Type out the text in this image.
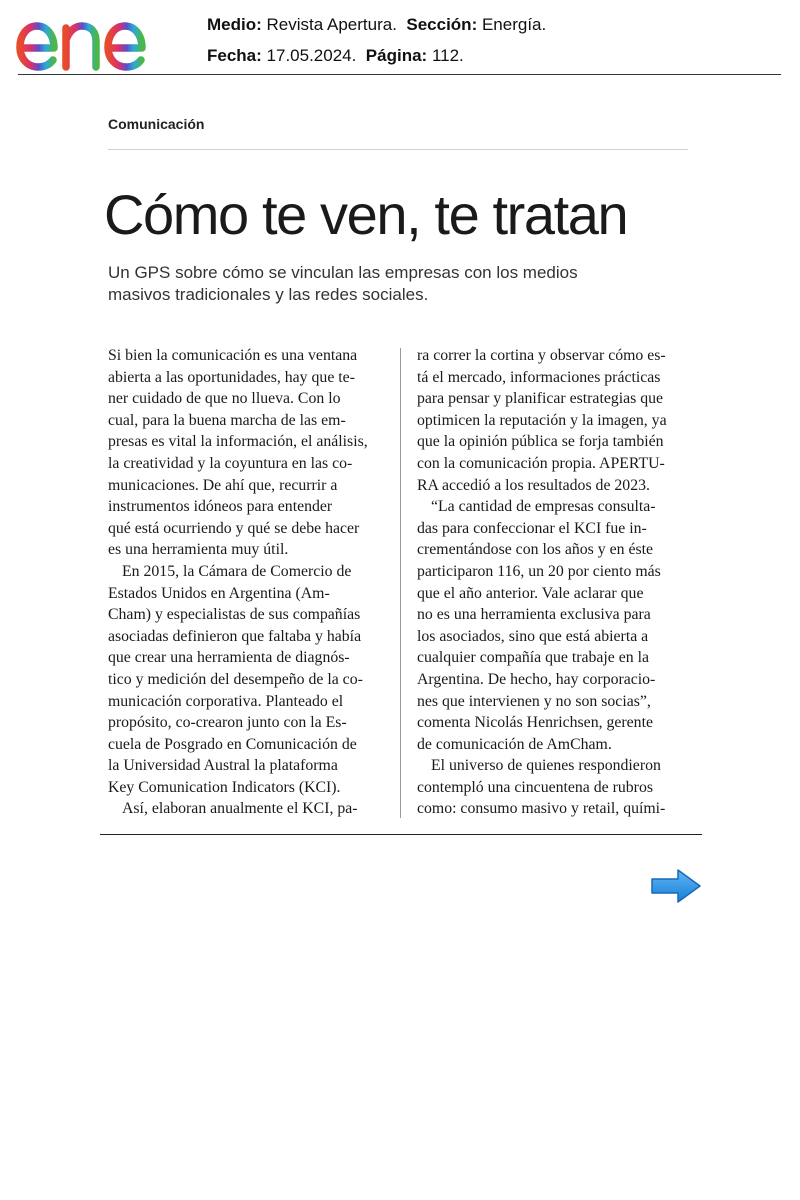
Medio: Revista Apertura. Sección: Energía.
Fecha: 17.05.2024. Página: 112.
Comunicación
Cómo te ven, te tratan
Un GPS sobre cómo se vinculan las empresas con los medios
masivos tradicionales y las redes sociales.
Si bien la comunicación es una ventana
abierta a las oportunidades, hay que te-
ner cuidado de que no llueva. Con lo
cual, para la buena marcha de las em-
presas es vital la información, el análisis,
la creatividad y la coyuntura en las co-
municaciones. De ahí que, recurrir a
instrumentos idóneos para entender
qué está ocurriendo y qué se debe hacer
es una herramienta muy útil.
En 2015, la Cámara de Comercio de
Estados Unidos en Argentina (Am-
Cham) y especialistas de sus compañías
asociadas definieron que faltaba y había
que crear una herramienta de diagnós-
tico y medición del desempeño de la co-
municación corporativa. Planteado el
propósito, co-crearon junto con la Es-
cuela de Posgrado en Comunicación de
la Universidad Austral la plataforma
Key Comunication Indicators (KCI).
Así, elaboran anualmente el KCI, pa-
ra correr la cortina y observar cómo es-
tá el mercado, informaciones prácticas
para pensar y planificar estrategias que
optimicen la reputación y la imagen, ya
que la opinión pública se forja también
con la comunicación propia. APERTU-
RA accedió a los resultados de 2023.
“La cantidad de empresas consulta-
das para confeccionar el KCI fue in-
crementándose con los años y en éste
participaron 116, un 20 por ciento más
que el año anterior. Vale aclarar que
no es una herramienta exclusiva para
los asociados, sino que está abierta a
cualquier compañía que trabaje en la
Argentina. De hecho, hay corporacio-
nes que intervienen y no son socias”,
comenta Nicolás Henrichsen, gerente
de comunicación de AmCham.
El universo de quienes respondieron
contempló una cincuentena de rubros
como: consumo masivo y retail, quími-
